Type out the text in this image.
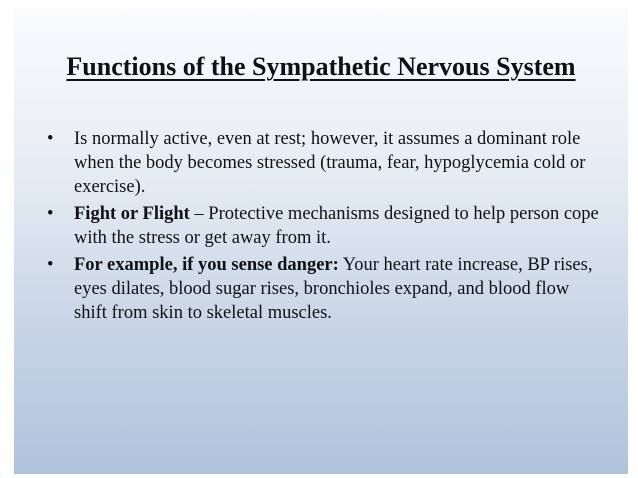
Functions of the Sympathetic Nervous System
• Is normally active, even at rest; however, it assumes a dominant role when the body becomes stressed (trauma, fear, hypoglycemia cold or exercise).
• Fight or Flight – Protective mechanisms designed to help person cope with the stress or get away from it.
• For example, if you sense danger: Your heart rate increase, BP rises, eyes dilates, blood sugar rises, bronchioles expand, and blood flow shift from skin to skeletal muscles.
